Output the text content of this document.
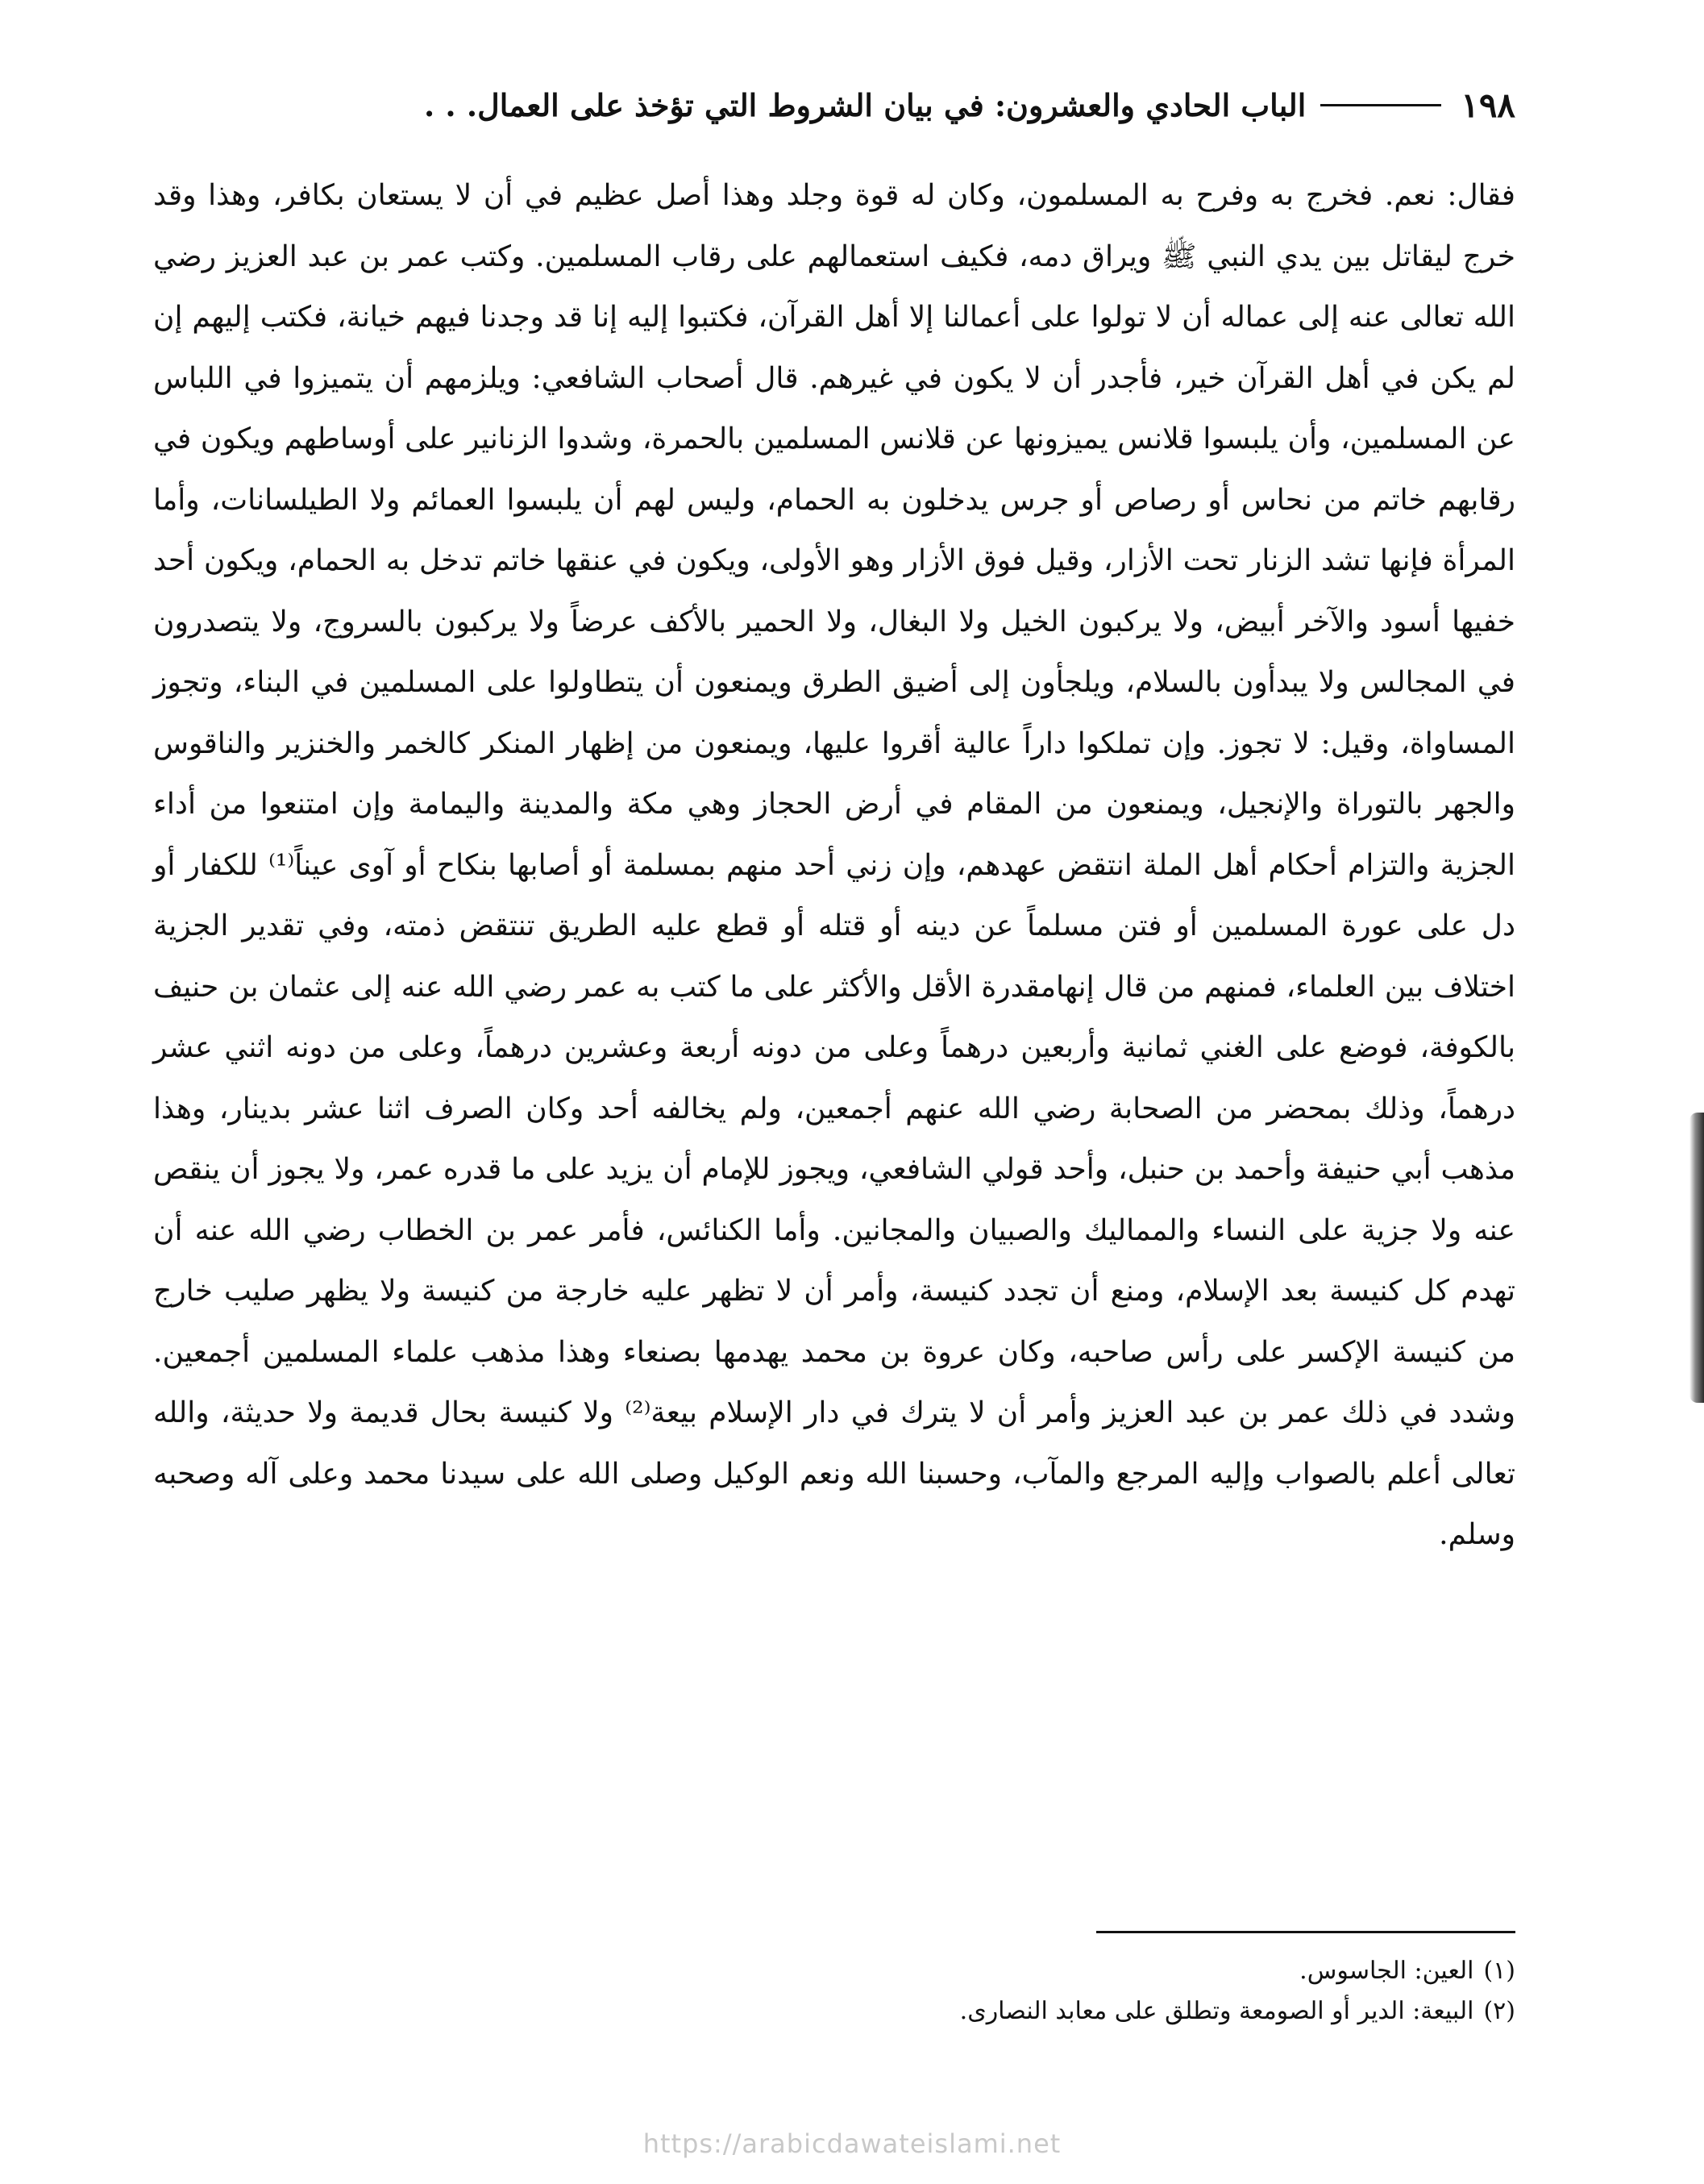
١٩٨
الباب الحادي والعشرون: في بيان الشروط التي تؤخذ على العمال. . .

فقال: نعم. فخرج به وفرح به المسلمون، وكان له قوة وجلد وهذا أصل عظيم في أن لا يستعان بكافر، وهذا وقد خرج ليقاتل بين يدي النبي ﷺ ويراق دمه، فكيف استعمالهم على رقاب المسلمين. وكتب عمر بن عبد العزيز رضي الله تعالى عنه إلى عماله أن لا تولوا على أعمالنا إلا أهل القرآن، فكتبوا إليه إنا قد وجدنا فيهم خيانة، فكتب إليهم إن لم يكن في أهل القرآن خير، فأجدر أن لا يكون في غيرهم. قال أصحاب الشافعي: ويلزمهم أن يتميزوا في اللباس عن المسلمين، وأن يلبسوا قلانس يميزونها عن قلانس المسلمين بالحمرة، وشدوا الزنانير على أوساطهم ويكون في رقابهم خاتم من نحاس أو رصاص أو جرس يدخلون به الحمام، وليس لهم أن يلبسوا العمائم ولا الطيلسانات، وأما المرأة فإنها تشد الزنار تحت الأزار، وقيل فوق الأزار وهو الأولى، ويكون في عنقها خاتم تدخل به الحمام، ويكون أحد خفيها أسود والآخر أبيض، ولا يركبون الخيل ولا البغال، ولا الحمير بالأكف عرضاً ولا يركبون بالسروج، ولا يتصدرون في المجالس ولا يبدأون بالسلام، ويلجأون إلى أضيق الطرق ويمنعون أن يتطاولوا على المسلمين في البناء، وتجوز المساواة، وقيل: لا تجوز. وإن تملكوا داراً عالية أقروا عليها، ويمنعون من إظهار المنكر كالخمر والخنزير والناقوس والجهر بالتوراة والإنجيل، ويمنعون من المقام في أرض الحجاز وهي مكة والمدينة واليمامة وإن امتنعوا من أداء الجزية والتزام أحكام أهل الملة انتقض عهدهم، وإن زني أحد منهم بمسلمة أو أصابها بنكاح أو آوى عيناً⁽¹⁾ للكفار أو دل على عورة المسلمين أو فتن مسلماً عن دينه أو قتله أو قطع عليه الطريق تنتقض ذمته، وفي تقدير الجزية اختلاف بين العلماء، فمنهم من قال إنهامقدرة الأقل والأكثر على ما كتب به عمر رضي الله عنه إلى عثمان بن حنيف بالكوفة، فوضع على الغني ثمانية وأربعين درهماً وعلى من دونه أربعة وعشرين درهماً، وعلى من دونه اثني عشر درهماً، وذلك بمحضر من الصحابة رضي الله عنهم أجمعين، ولم يخالفه أحد وكان الصرف اثنا عشر بدينار، وهذا مذهب أبي حنيفة وأحمد بن حنبل، وأحد قولي الشافعي، ويجوز للإمام أن يزيد على ما قدره عمر، ولا يجوز أن ينقص عنه ولا جزية على النساء والمماليك والصبيان والمجانين. وأما الكنائس، فأمر عمر بن الخطاب رضي الله عنه أن تهدم كل كنيسة بعد الإسلام، ومنع أن تجدد كنيسة، وأمر أن لا تظهر عليه خارجة من كنيسة ولا يظهر صليب خارج من كنيسة الإكسر على رأس صاحبه، وكان عروة بن محمد يهدمها بصنعاء وهذا مذهب علماء المسلمين أجمعين. وشدد في ذلك عمر بن عبد العزيز وأمر أن لا يترك في دار الإسلام بيعة⁽²⁾ ولا كنيسة بحال قديمة ولا حديثة، والله تعالى أعلم بالصواب وإليه المرجع والمآب، وحسبنا الله ونعم الوكيل وصلى الله على سيدنا محمد وعلى آله وصحبه وسلم.

(١)
العين: الجاسوس.
(٢)
البيعة: الدير أو الصومعة وتطلق على معابد النصارى.
https://arabicdawateislami.net
